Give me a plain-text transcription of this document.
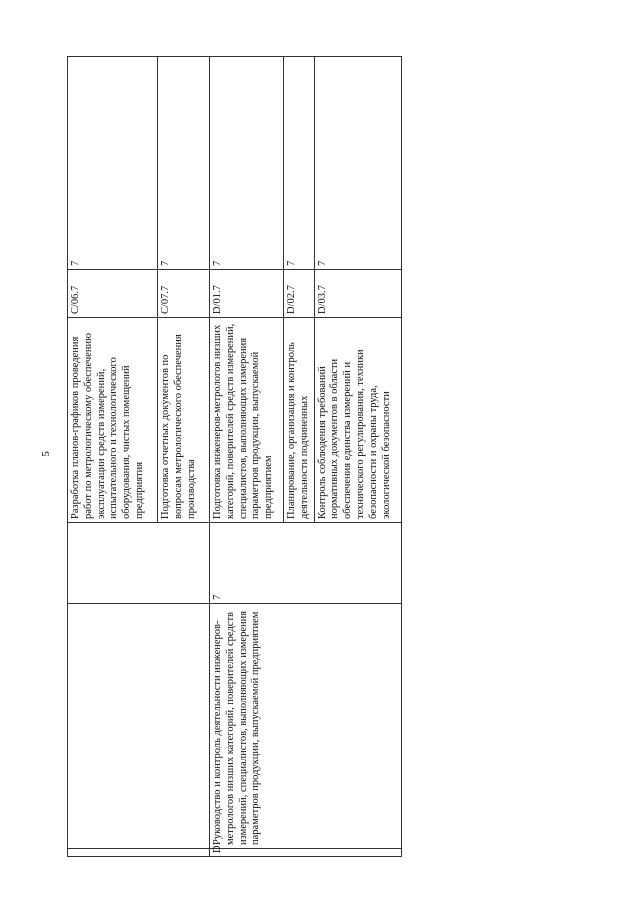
5
			Разработка планов-графиков проведения работ по метрологическому обеспечению эксплуатации средств измерений, испытательного и технологического оборудования, чистых помещений предприятия	C/06.7	7
			Подготовка отчетных документов по вопросам метрологического обеспечения производства	C/07.7	7
D	Руководство и контроль деятельности инженеров-метрологов низших категорий, поверителей средств измерений, специалистов, выполняющих измерения параметров продукции, выпускаемой предприятием	7	Подготовка инженеров-метрологов низших категорий, поверителей средств измерений, специалистов, выполняющих измерения параметров продукции, выпускаемой предприятием	D/01.7	7
			Планирование, организация и контроль деятельности подчиненных	D/02.7	7
			Контроль соблюдения требований нормативных документов в области обеспечения единства измерений и технического регулирования, техники безопасности и охраны труда, экологической безопасности	D/03.7	7
